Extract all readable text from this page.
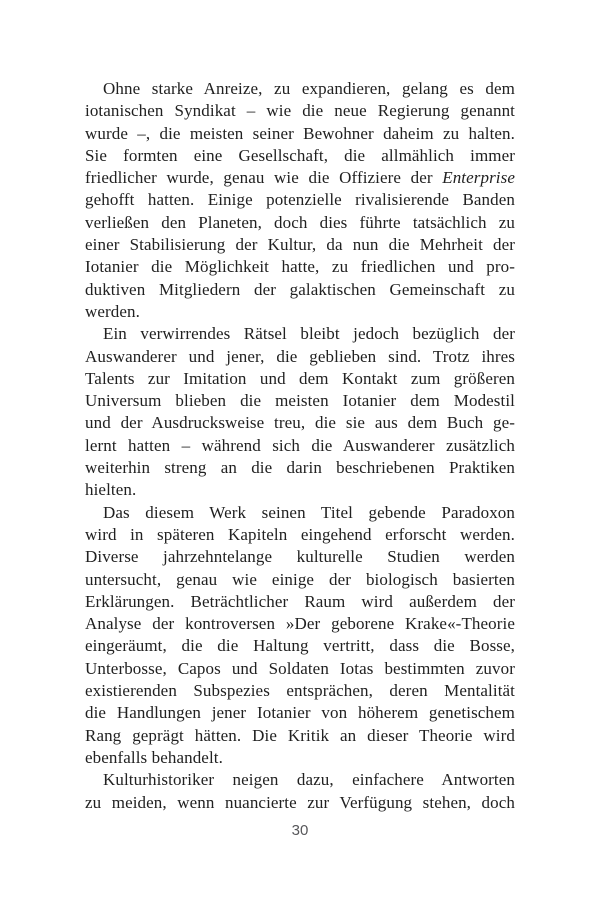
Ohne starke Anreize, zu expandieren, gelang es dem
iotanischen Syndikat – wie die neue Regierung genannt
wurde –, die meisten seiner Bewohner daheim zu halten.
Sie formten eine Gesellschaft, die allmählich immer
friedlicher wurde, genau wie die Offiziere der Enterprise
gehofft hatten. Einige potenzielle rivalisierende Banden
verließen den Planeten, doch dies führte tatsächlich zu
einer Stabilisierung der Kultur, da nun die Mehrheit der
Iotanier die Möglichkeit hatte, zu friedlichen und pro-
duktiven Mitgliedern der galaktischen Gemeinschaft zu
werden.
Ein verwirrendes Rätsel bleibt jedoch bezüglich der
Auswanderer und jener, die geblieben sind. Trotz ihres
Talents zur Imitation und dem Kontakt zum größeren
Universum blieben die meisten Iotanier dem Modestil
und der Ausdrucksweise treu, die sie aus dem Buch ge-
lernt hatten – während sich die Auswanderer zusätzlich
weiterhin streng an die darin beschriebenen Praktiken
hielten.
Das diesem Werk seinen Titel gebende Paradoxon
wird in späteren Kapiteln eingehend erforscht werden.
Diverse jahrzehntelange kulturelle Studien werden
untersucht, genau wie einige der biologisch basierten
Erklärungen. Beträchtlicher Raum wird außerdem der
Analyse der kontroversen »Der geborene Krake«-Theorie
eingeräumt, die die Haltung vertritt, dass die Bosse,
Unterbosse, Capos und Soldaten Iotas bestimmten zuvor
existierenden Subspezies entsprächen, deren Mentalität
die Handlungen jener Iotanier von höherem genetischem
Rang geprägt hätten. Die Kritik an dieser Theorie wird
ebenfalls behandelt.
Kulturhistoriker neigen dazu, einfachere Antworten
zu meiden, wenn nuancierte zur Verfügung stehen, doch
30
